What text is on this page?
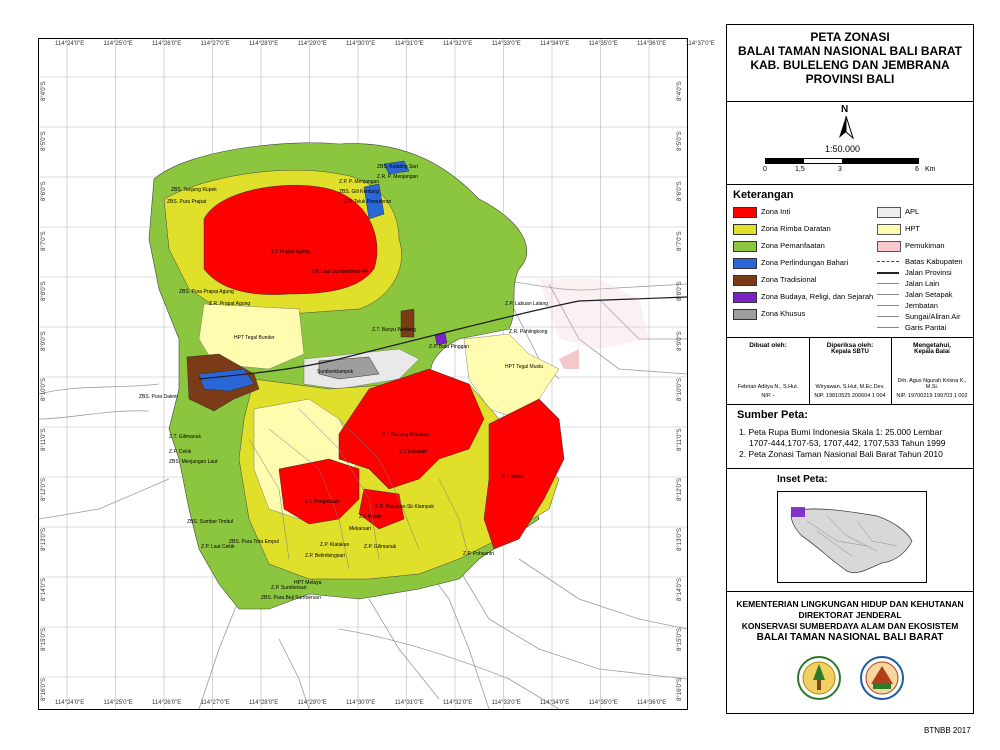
ZBS. Kelating Sari
Z.R. P. Menjangan
ZBS. Tanjung Rupek
Z.P. P. Menjangan
ZBS. Pura Prapat
ZBS. Gili Kentung
Z.P. Teluk Pemuteran
Z.I. Prapat Agung
Z.P. Laut Sumberkima-PA
ZBS. Pura Prapat Agung
Z.R. Prapat Agung	Z.P. Labuan Lalang
Z.R. Pahlingkong
Z.T. Banyu Wedang
Z.P. Batu Pinggan
HPT Tegal Bunder
Sumberklampok
HPT Tegal Mustu
ZBS. Pura Dalem
Z.T. Gilimanuk	Z.I. Gunung Klatakan
Z.I. Klatakan
Z.I. Mustu
Z.P. Cekik
ZBS. Menjangan Laut
Z.I. Pengaduan
Z.R. Klatakan-Sb Klampok
Z.I. Pulaki
ZBS. Sumber Timbul
Z.P. Laut Cekik
ZBS. Pura Tirta Empul	Z.P. Klatakan
Z.P. Belimbingsari
Z.P. Gilimanuk
Z.P. Pohsantri
Mekarsari
Z.P. Sumbersari
HPT Melaya
ZBS. Pura Beji Sumbersari
114°24'0"E	114°25'0"E	114°26'0"E	114°27'0"E	114°28'0"E	114°29'0"E	114°30'0"E	114°31'0"E	114°32'0"E	114°33'0"E	114°34'0"E	114°35'0"E	114°36'0"E	114°37'0"E
114°24'0"E	114°25'0"E	114°26'0"E	114°27'0"E	114°28'0"E	114°29'0"E	114°30'0"E	114°31'0"E	114°32'0"E	114°33'0"E	114°34'0"E	114°35'0"E	114°36'0"E
8°4'0"S	8°4'0"S
8°5'0"S	8°5'0"S
8°6'0"S	8°6'0"S
8°7'0"S	8°7'0"S
8°8'0"S	8°8'0"S
8°9'0"S	8°9'0"S
8°10'0"S	8°10'0"S
8°11'0"S	8°11'0"S
8°12'0"S	8°12'0"S
8°13'0"S	8°13'0"S
8°14'0"S	8°14'0"S
8°15'0"S	8°15'0"S
8°16'0"S	8°16'0"S
PETA ZONASI
BALAI TAMAN NASIONAL BALI BARAT
KAB. BULELENG DAN JEMBRANA
PROVINSI BALI
N
1:50.000
0	1,5	3	6 Km
Keterangan
Zona Inti
Zona Rimba Daratan
Zona Pemanfaatan
Zona Perlindungan Bahari
Zona Tradisional
Zona Budaya, Religi, dan Sejarah
Zona Khusus
APL
HPT
Pemukiman
Batas Kabupaten
Jalan Provinsi
Jalan Lain
Jalan Setapak
Jembatan
Sungai/Aliran Air
Garis Pantai
Dibuat oleh:
Febrian Aditya N., S.Hut.
NIP. -
Diperiksa oleh:
Kepala SBTU
Wiryawan, S.Hut, M.Ec.Dev.
NIP. 19810525 200604 1 004
Mengetahui,
Kepala Balai
Drh. Agus Ngurah Krisna K., M.Si.
NIP. 19700219 199703 1 002
Sumber Peta:
1. Peta Rupa Bumi Indonesia Skala 1: 25.000 Lembar
1707-444,1707-53, 1707,442, 1707,533 Tahun 1999
2. Peta Zonasi Taman Nasional Bali Barat Tahun 2010
Inset Peta:
KEMENTERIAN LINGKUNGAN HIDUP DAN KEHUTANAN
DIREKTORAT JENDERAL
KONSERVASI SUMBERDAYA ALAM DAN EKOSISTEM
BALAI TAMAN NASIONAL BALI BARAT
BTNBB 2017
